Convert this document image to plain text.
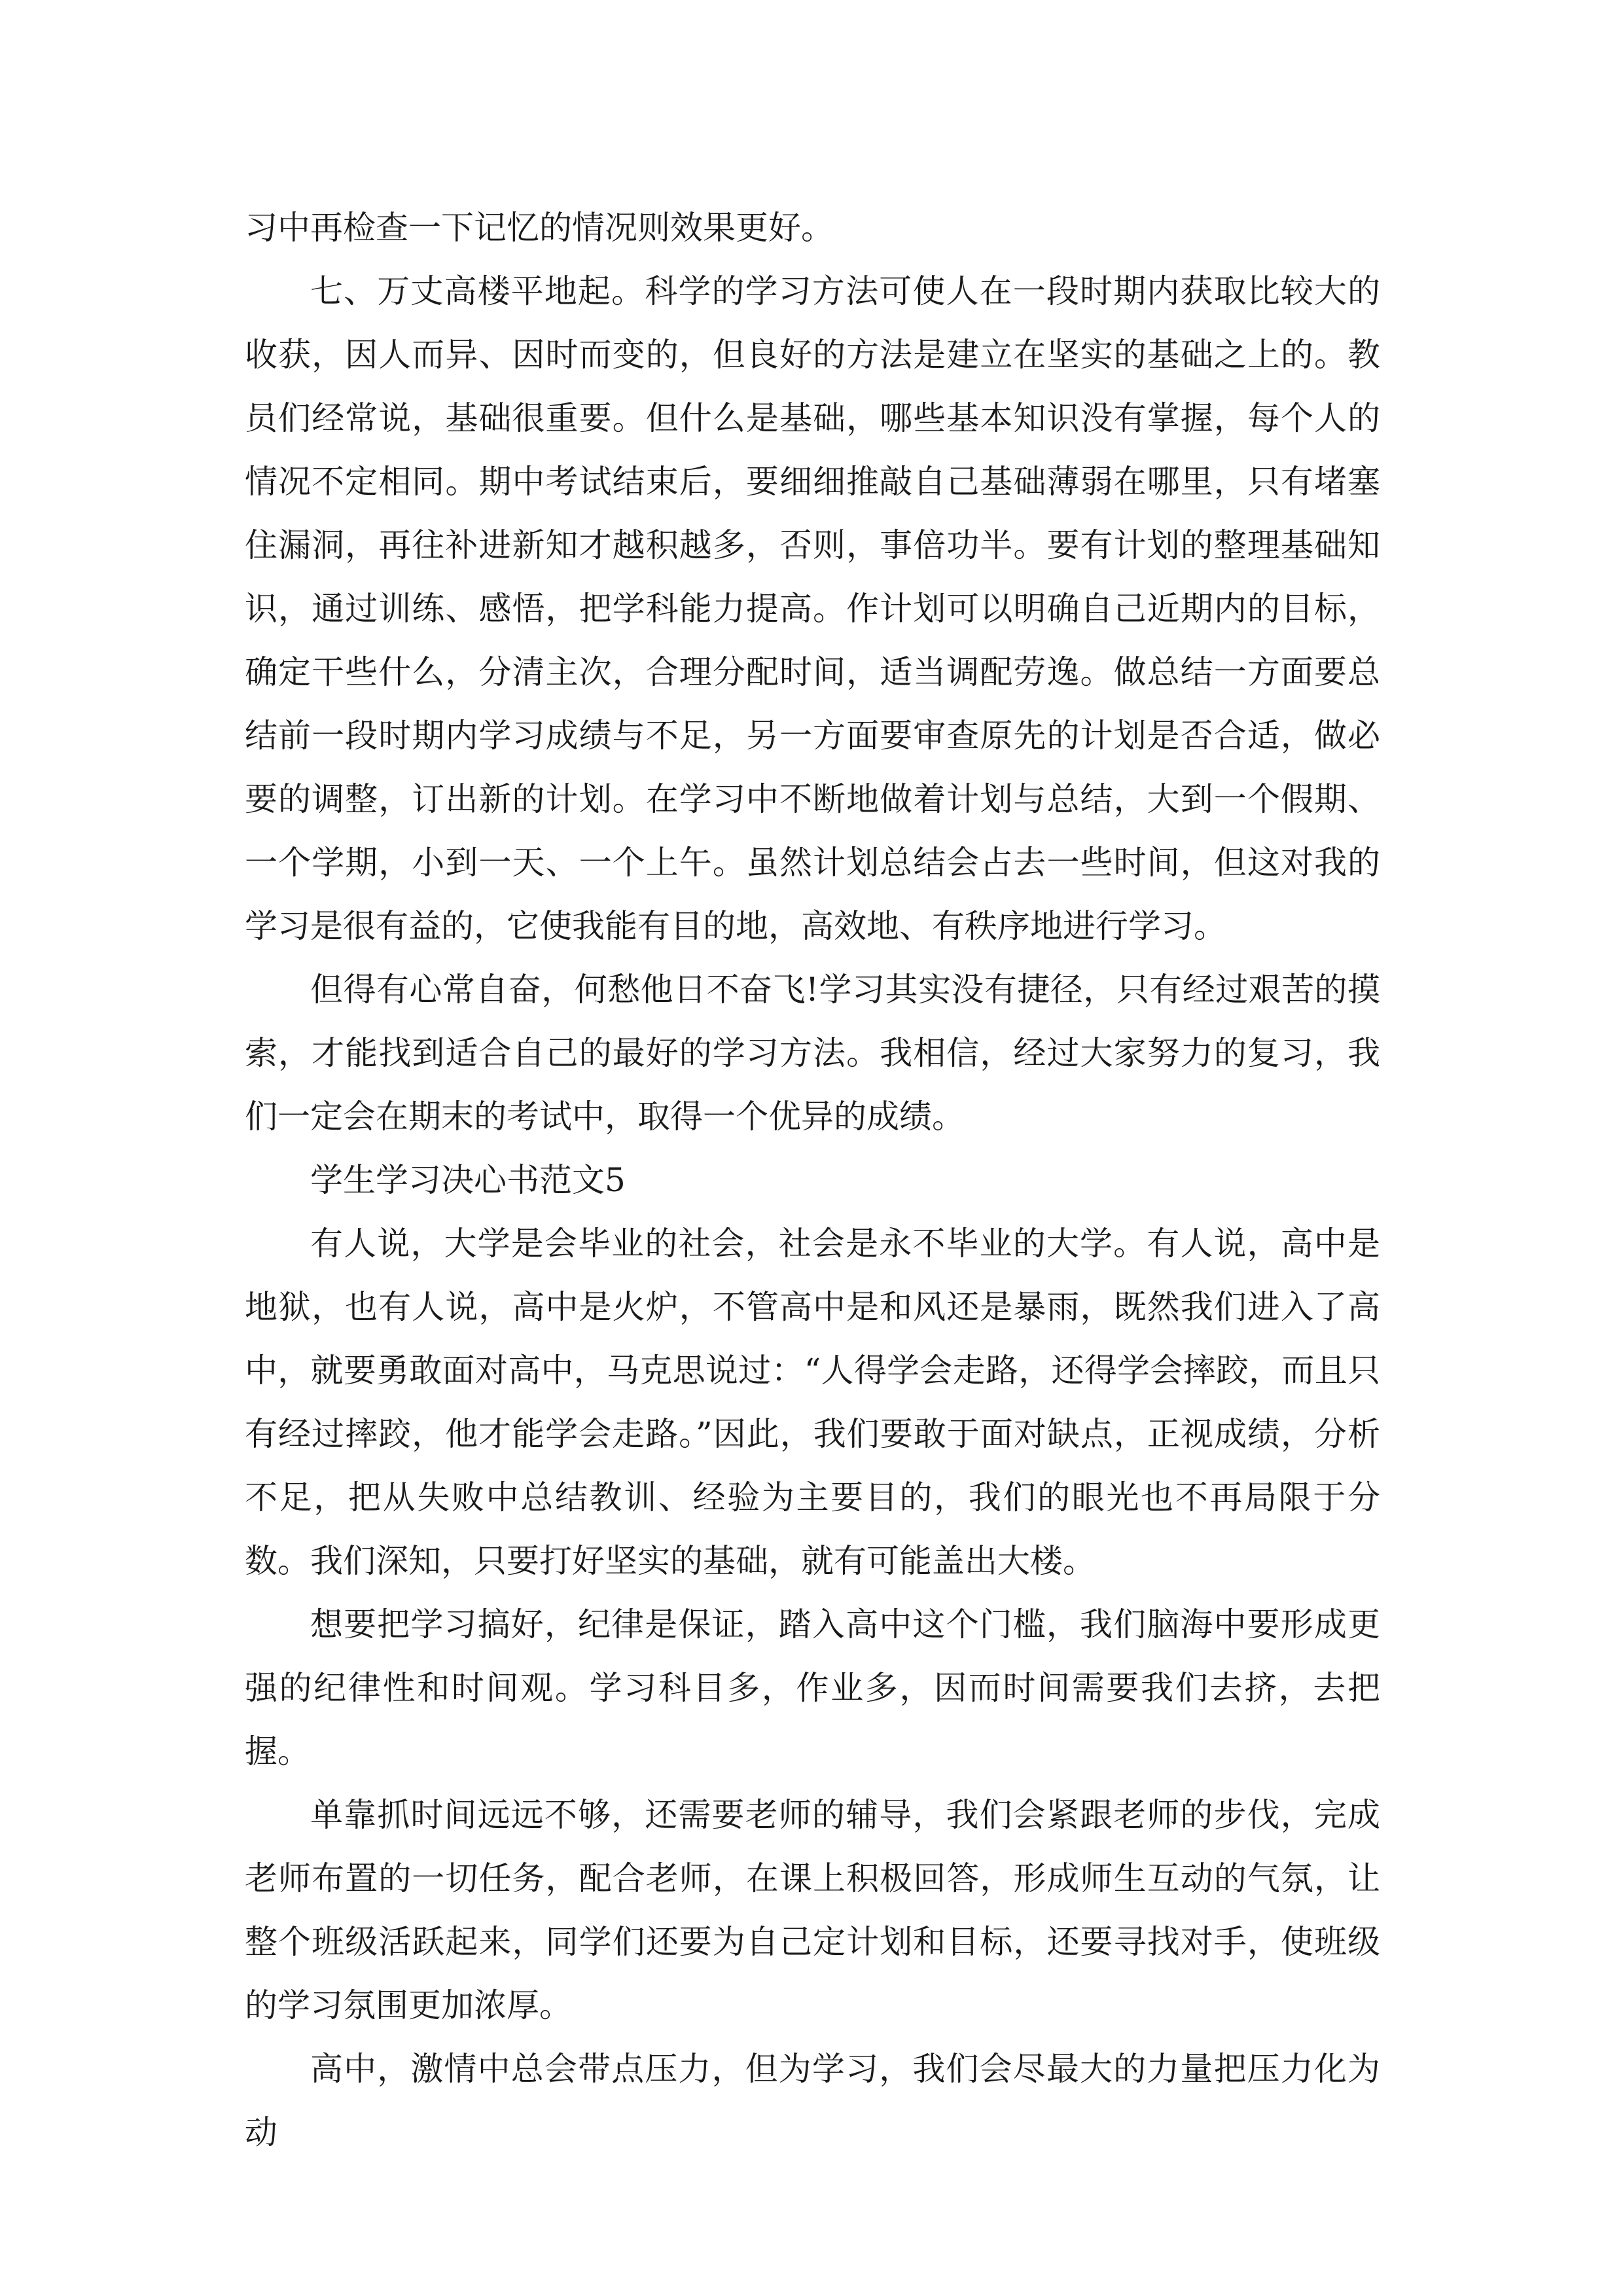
习中再检查一下记忆的情况则效果更好。

七、万丈高楼平地起。科学的学习方法可使人在一段时期内获取比较大的收获，因人而异、因时而变的，但良好的方法是建立在坚实的基础之上的。教员们经常说，基础很重要。但什么是基础，哪些基本知识没有掌握，每个人的情况不定相同。期中考试结束后，要细细推敲自己基础薄弱在哪里，只有堵塞住漏洞，再往补进新知才越积越多，否则，事倍功半。要有计划的整理基础知识，通过训练、感悟，把学科能力提高。作计划可以明确自己近期内的目标，确定干些什么，分清主次，合理分配时间，适当调配劳逸。做总结一方面要总结前一段时期内学习成绩与不足，另一方面要审查原先的计划是否合适，做必要的调整，订出新的计划。在学习中不断地做着计划与总结，大到一个假期、一个学期，小到一天、一个上午。虽然计划总结会占去一些时间，但这对我的学习是很有益的，它使我能有目的地，高效地、有秩序地进行学习。

但得有心常自奋，何愁他日不奋飞!学习其实没有捷径，只有经过艰苦的摸索，才能找到适合自己的最好的学习方法。我相信，经过大家努力的复习，我们一定会在期末的考试中，取得一个优异的成绩。

学生学习决心书范文5

有人说，大学是会毕业的社会，社会是永不毕业的大学。有人说，高中是地狱，也有人说，高中是火炉，不管高中是和风还是暴雨，既然我们进入了高中，就要勇敢面对高中，马克思说过：“人得学会走路，还得学会摔跤，而且只有经过摔跤，他才能学会走路。”因此，我们要敢于面对缺点，正视成绩，分析不足，把从失败中总结教训、经验为主要目的，我们的眼光也不再局限于分数。我们深知，只要打好坚实的基础，就有可能盖出大楼。

想要把学习搞好，纪律是保证，踏入高中这个门槛，我们脑海中要形成更强的纪律性和时间观。学习科目多，作业多，因而时间需要我们去挤，去把握。

单靠抓时间远远不够，还需要老师的辅导，我们会紧跟老师的步伐，完成老师布置的一切任务，配合老师，在课上积极回答，形成师生互动的气氛，让整个班级活跃起来，同学们还要为自己定计划和目标，还要寻找对手，使班级的学习氛围更加浓厚。

高中，激情中总会带点压力，但为学习，我们会尽最大的力量把压力化为动
